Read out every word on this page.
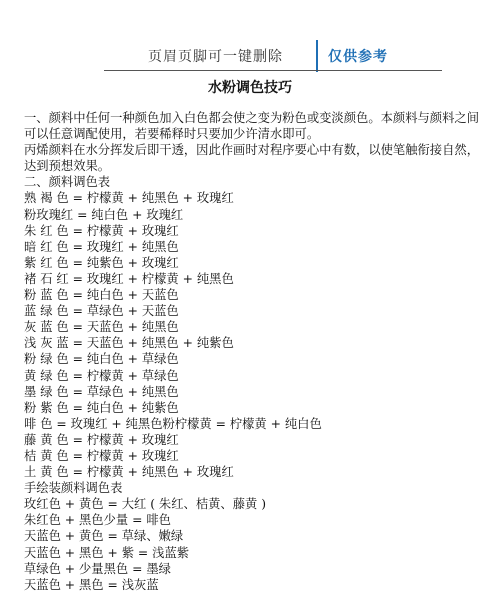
页眉页脚可一键删除	仅供参考
水粉调色技巧

一、颜料中任何一种颜色加入白色都会使之变为粉色或变淡颜色。本颜料与颜料之间可以任意调配使用，若要稀释时只要加少许清水即可。

丙烯颜料在水分挥发后即干透，因此作画时对程序要心中有数，以使笔触衔接自然，达到预想效果。

二、颜料调色表

熟 褐 色 = 柠檬黄 + 纯黑色 + 玫瑰红

粉玫瑰红 = 纯白色 + 玫瑰红

朱 红 色 = 柠檬黄 + 玫瑰红

暗 红 色 = 玫瑰红 + 纯黑色

紫 红 色 = 纯紫色 + 玫瑰红

褚 石 红 = 玫瑰红 + 柠檬黄 + 纯黑色

粉 蓝 色 = 纯白色 + 天蓝色

蓝 绿 色 = 草绿色 + 天蓝色

灰 蓝 色 = 天蓝色 + 纯黑色

浅 灰 蓝 = 天蓝色 + 纯黑色 + 纯紫色

粉 绿 色 = 纯白色 + 草绿色

黄 绿 色 = 柠檬黄 + 草绿色

墨 绿 色 = 草绿色 + 纯黑色

粉 紫 色 = 纯白色 + 纯紫色

啡 色 = 玫瑰红 + 纯黑色粉柠檬黄 = 柠檬黄 + 纯白色

藤 黄 色 = 柠檬黄 + 玫瑰红

桔 黄 色 = 柠檬黄 + 玫瑰红

土 黄 色 = 柠檬黄 + 纯黑色 + 玫瑰红

手绘装颜料调色表

玫红色 + 黄色 = 大红 ( 朱红、桔黄、藤黄 )

朱红色 + 黑色少量 = 啡色

天蓝色 + 黄色 = 草绿、嫩绿

天蓝色 + 黑色 + 紫 = 浅蓝紫

草绿色 + 少量黑色 = 墨绿

天蓝色 + 黑色 = 浅灰蓝
